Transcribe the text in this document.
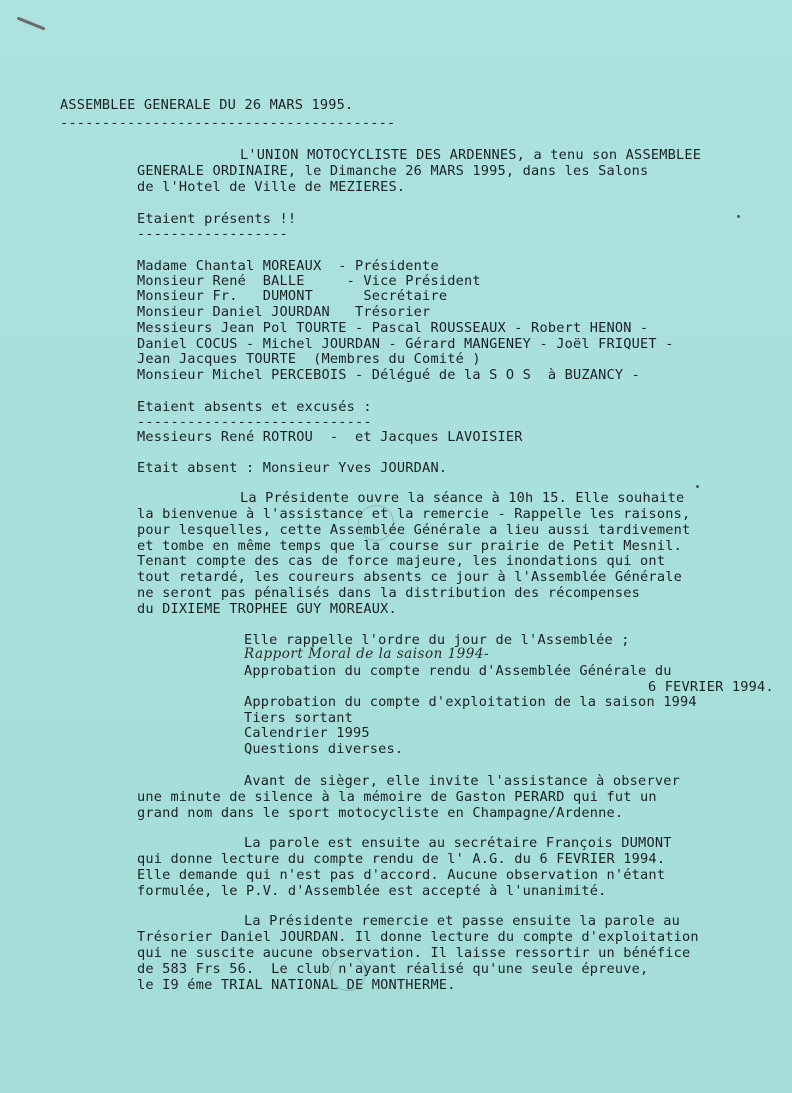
ASSEMBLEE GENERALE DU 26 MARS 1995.
----------------------------------------
L'UNION MOTOCYCLISTE DES ARDENNES, a tenu son ASSEMBLEE
GENERALE ORDINAIRE, le Dimanche 26 MARS 1995, dans les Salons
de l'Hotel de Ville de MEZIERES.
Etaient présents !!
------------------
Madame Chantal MOREAUX  - Présidente
Monsieur René  BALLE     - Vice Président
Monsieur Fr.   DUMONT      Secrétaire
Monsieur Daniel JOURDAN   Trésorier
Messieurs Jean Pol TOURTE - Pascal ROUSSEAUX - Robert HENON -
Daniel COCUS - Michel JOURDAN - Gérard MANGENEY - Joël FRIQUET -
Jean Jacques TOURTE  (Membres du Comité )
Monsieur Michel PERCEBOIS - Délégué de la S O S  à BUZANCY -
Etaient absents et excusés :
----------------------------
Messieurs René ROTROU  -  et Jacques LAVOISIER
Etait absent : Monsieur Yves JOURDAN.
La Présidente ouvre la séance à 10h 15. Elle souhaite
la bienvenue à l'assistance et la remercie - Rappelle les raisons,
pour lesquelles, cette Assemblée Générale a lieu aussi tardivement
et tombe en même temps que la course sur prairie de Petit Mesnil.
Tenant compte des cas de force majeure, les inondations qui ont
tout retardé, les coureurs absents ce jour à l'Assemblée Générale
ne seront pas pénalisés dans la distribution des récompenses
du DIXIEME TROPHEE GUY MOREAUX.
Elle rappelle l'ordre du jour de l'Assemblée ;
Rapport Moral de la saison 1994-
Approbation du compte rendu d'Assemblée Générale du
6 FEVRIER 1994.
Approbation du compte d'exploitation de la saison 1994
Tiers sortant
Calendrier 1995
Questions diverses.
Avant de sièger, elle invite l'assistance à observer
une minute de silence à la mémoire de Gaston PERARD qui fut un
grand nom dans le sport motocycliste en Champagne/Ardenne.
La parole est ensuite au secrétaire François DUMONT
qui donne lecture du compte rendu de l' A.G. du 6 FEVRIER 1994.
Elle demande qui n'est pas d'accord. Aucune observation n'étant
formulée, le P.V. d'Assemblée est accepté à l'unanimité.
La Présidente remercie et passe ensuite la parole au
Trésorier Daniel JOURDAN. Il donne lecture du compte d'exploitation
qui ne suscite aucune observation. Il laisse ressortir un bénéfice
de 583 Frs 56.  Le club n'ayant réalisé qu'une seule épreuve,
le I9 éme TRIAL NATIONAL DE MONTHERME.
